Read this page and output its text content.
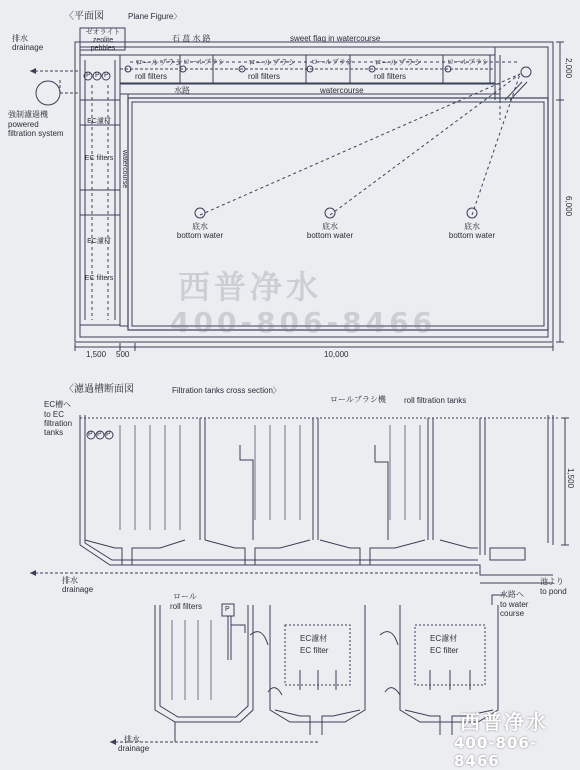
〈平面図	Plane Figure〉
排水
drainage
ゼオライト
zeolite pebbles
石 菖 水 路	sweet flag in watercourse
ロールブラシ
roll filters
ロールブラシ	ロールブラシ
roll filters
ロールブラシ	ロールブラシ
roll filters
ロールブラシ
水路	watercourse
強制濾過機
powered filtration system
EC濾材
EC filters
EC濾材
EC filters
watercourse
底水
bottom water
底水
bottom water
底水
bottom water
P P P
1,500 500	10,000
2,000
6,000
〈濾過槽断面図	Filtration tanks cross section〉
ロールブラシ機 roll filtration tanks
EC槽へ
to EC filtration tanks	P P P
1,500
排水
drainage
池より
to pond
ロール
roll filters	P
EC濾材
EC filter
EC濾材
EC filter
水路へ
to water course
排水
drainage
西普净水
400-806-8466
西普净水
400-806-8466
